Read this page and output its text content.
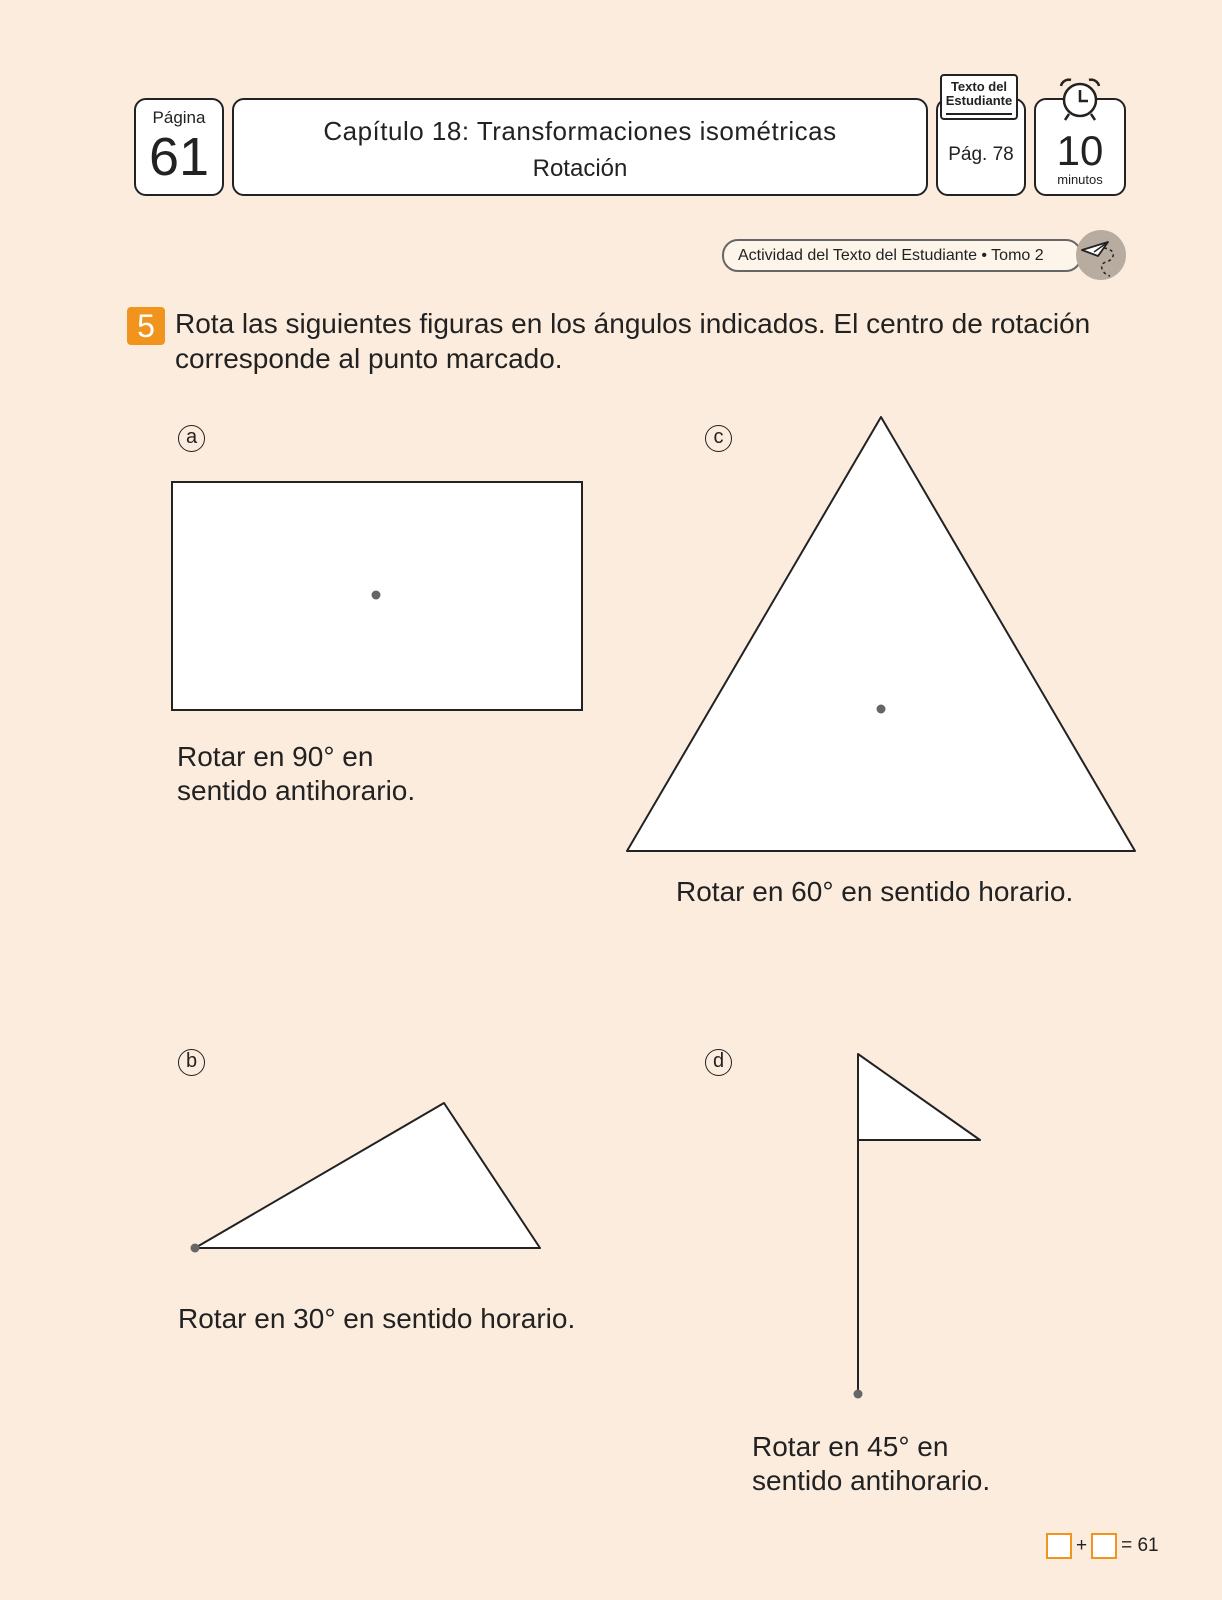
Página
61	Capítulo 18: Transformaciones isométricas
Rotación
Pág. 78
Texto del Estudiante
10
minutos
Actividad del Texto del Estudiante • Tomo 2
5 Rota las siguientes figuras en los ángulos indicados. El centro de rotación corresponde al punto marcado.
a	c
b	d
Rotar en 90° en
sentido antihorario.
Rotar en 60° en sentido horario.
Rotar en 30° en sentido horario.
Rotar en 45° en
sentido antihorario.
+ = 61
